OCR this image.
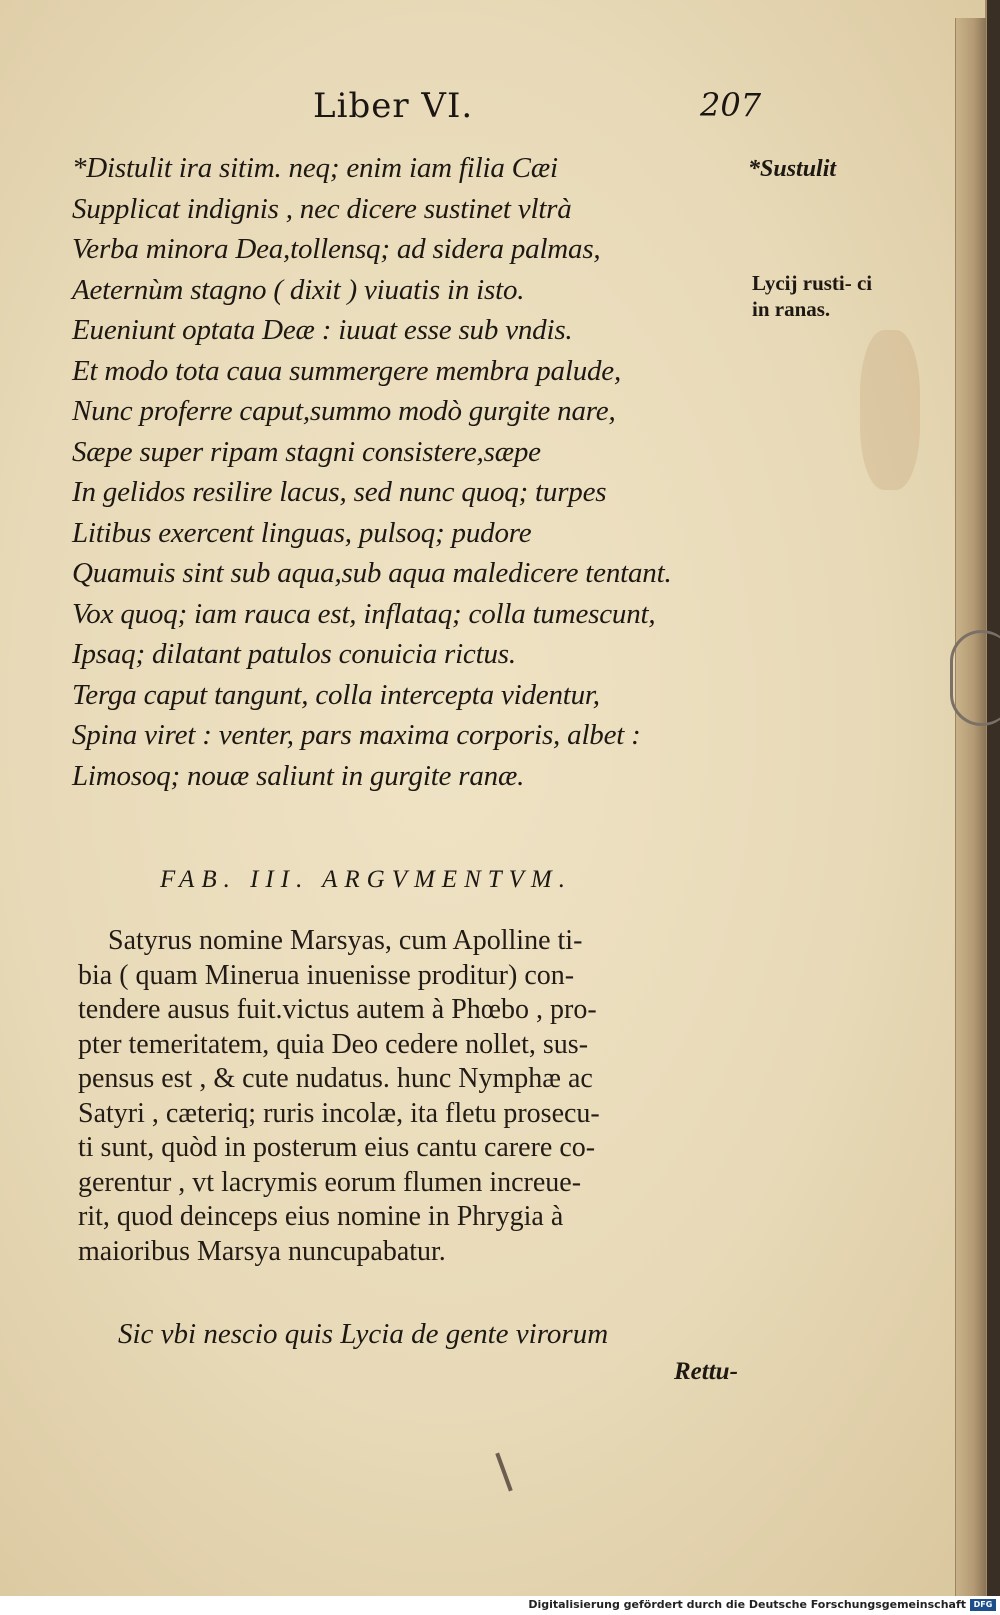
Liber VI.	207
*Distulit ira sitim. neq; enim iam filia Cæi
Supplicat indignis , nec dicere sustinet vltrà
Verba minora Dea,tollensq; ad sidera palmas,
Aeternùm stagno ( dixit ) viuatis in isto.
Eueniunt optata Deæ : iuuat esse sub vndis.
Et modo tota caua summergere membra palude,
Nunc proferre caput,summo modò gurgite nare,
Sæpe super ripam stagni consistere,sæpe
In gelidos resilire lacus, sed nunc quoq; turpes
Litibus exercent linguas, pulsoq; pudore
Quamuis sint sub aqua,sub aqua maledicere tentant.
Vox quoq; iam rauca est, inflataq; colla tumescunt,
Ipsaq; dilatant patulos conuicia rictus.
Terga caput tangunt, colla intercepta videntur,
Spina viret : venter, pars maxima corporis, albet :
Limosoq; nouæ saliunt in gurgite ranæ.
*Sustulit
Lycij rusti- ci in ranas.
FAB. III. ARGVMENTVM.
Satyrus nomine Marsyas, cum Apolline ti-
bia ( quam Minerua inuenisse proditur) con-
tendere ausus fuit.victus autem à Phœbo , pro-
pter temeritatem, quia Deo cedere nollet, sus-
pensus est , & cute nudatus. hunc Nymphæ ac
Satyri , cæteriq; ruris incolæ, ita fletu prosecu-
ti sunt, quòd in posterum eius cantu carere co-
gerentur , vt lacrymis eorum flumen increue-
rit, quod deinceps eius nomine in Phrygia à
maioribus Marsya nuncupabatur.
Sic vbi nescio quis Lycia de gente virorum
Rettu-
Digitalisierung gefördert durch die Deutsche Forschungsgemeinschaft DFG
